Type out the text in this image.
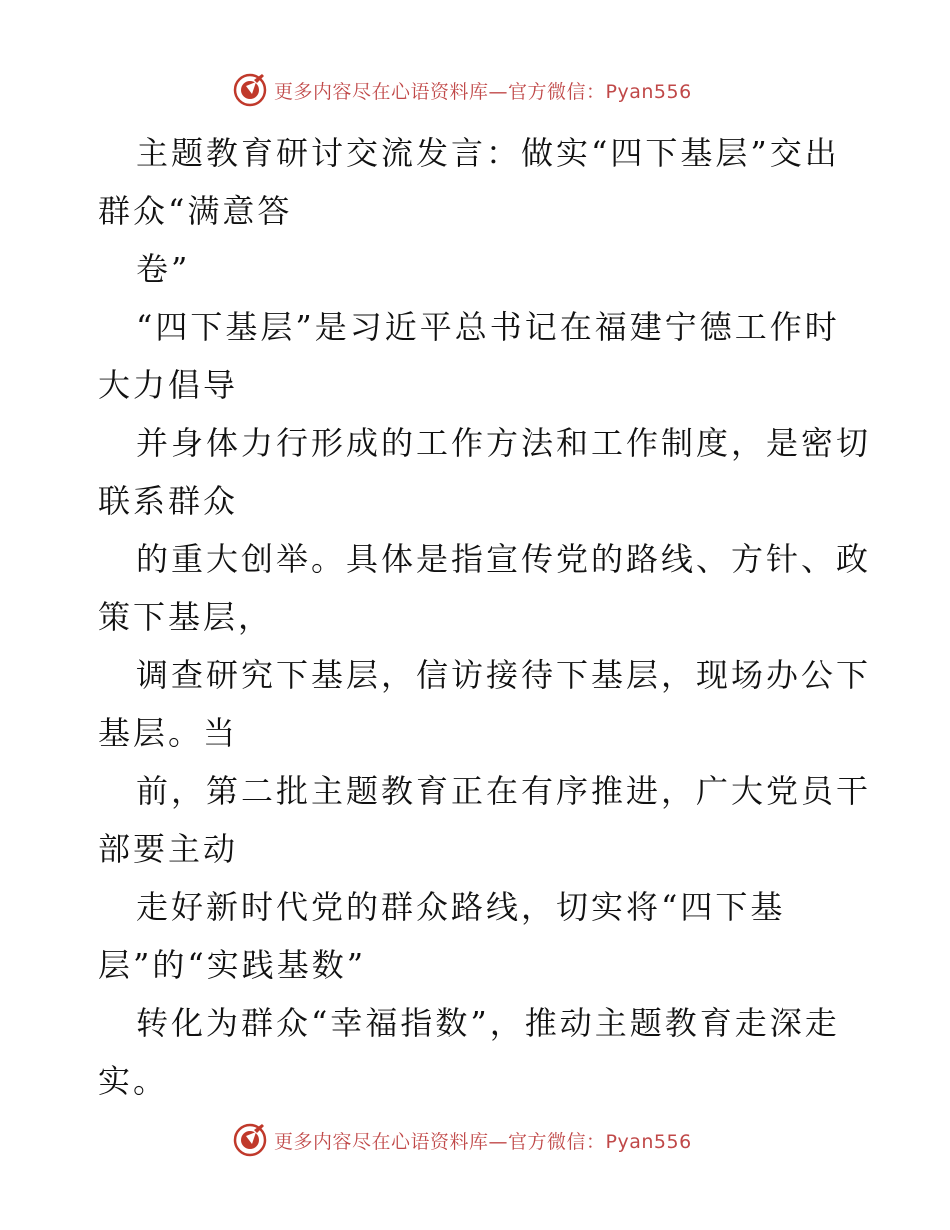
更多内容尽在心语资料库—官方微信：Pyan556
主题教育研讨交流发言：做实“四下基层”交出
群众“满意答
卷”
“四下基层”是习近平总书记在福建宁德工作时
大力倡导
并身体力行形成的工作方法和工作制度，是密切
联系群众
的重大创举。具体是指宣传党的路线、方针、政
策下基层，
调查研究下基层，信访接待下基层，现场办公下
基层。当
前，第二批主题教育正在有序推进，广大党员干
部要主动
走好新时代党的群众路线，切实将“四下基
层”的“实践基数”
转化为群众“幸福指数”，推动主题教育走深走
实。
更多内容尽在心语资料库—官方微信：Pyan556
